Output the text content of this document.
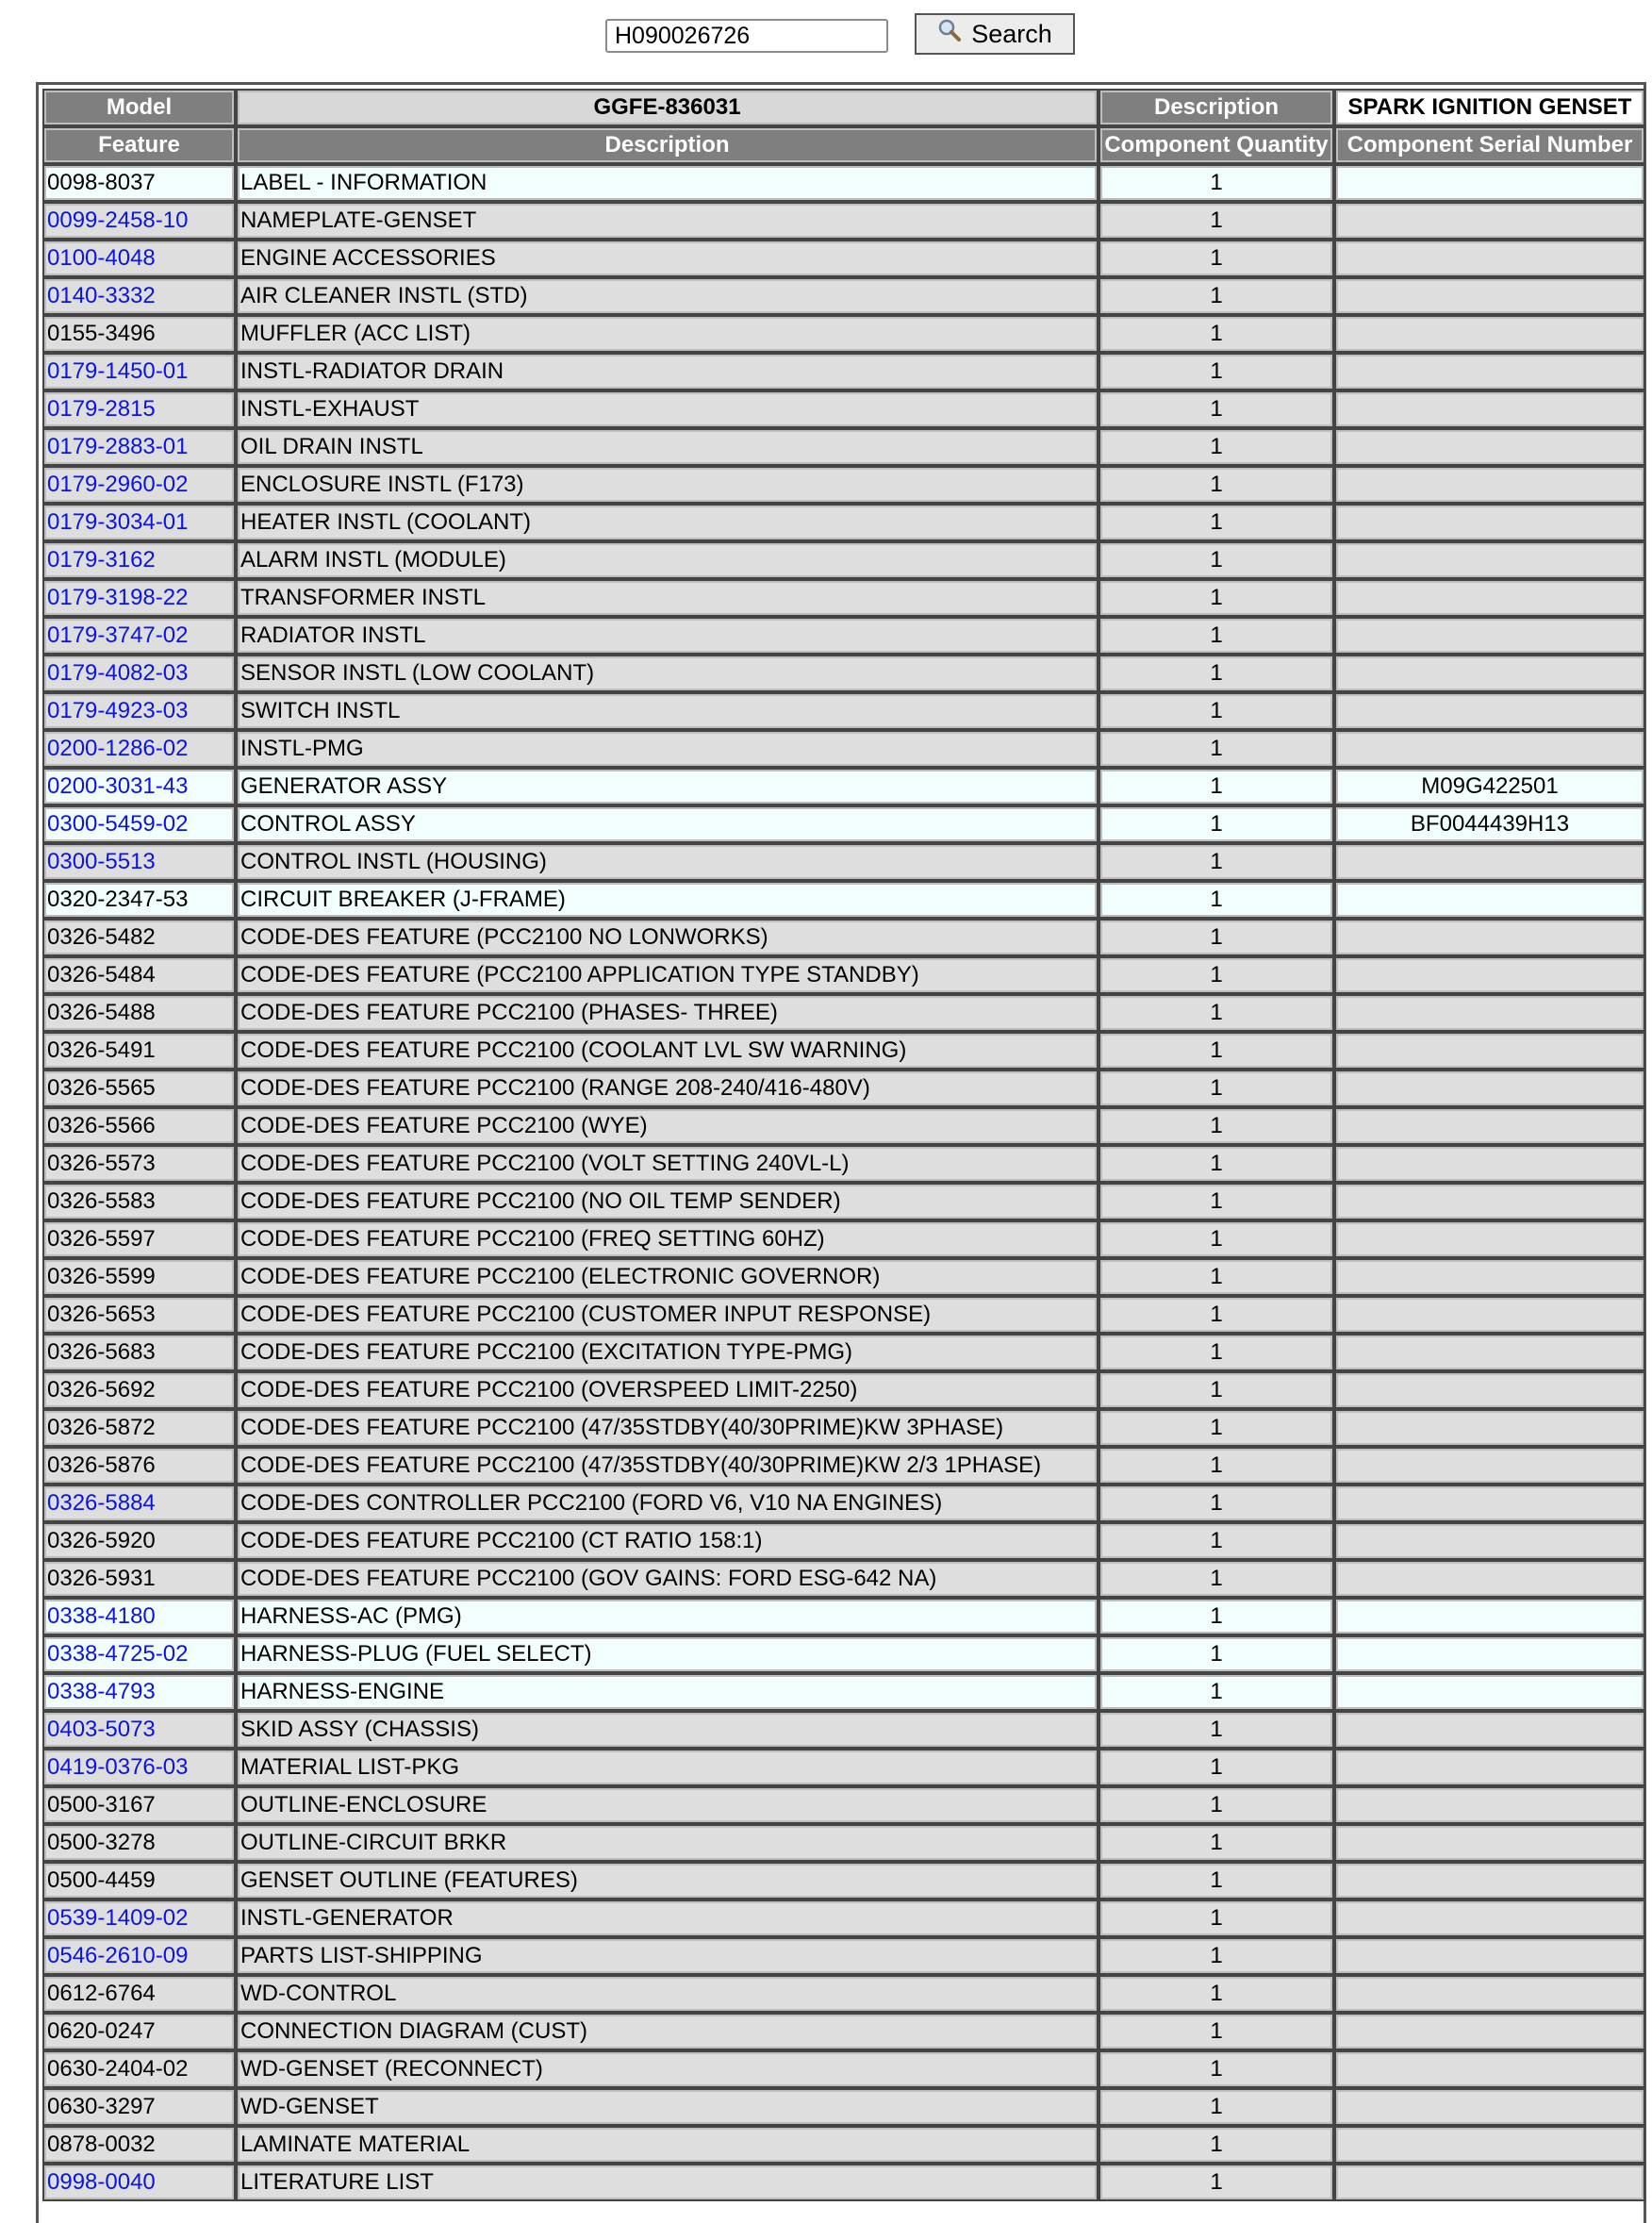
H090026726
Search
Model	GGFE-836031	Description	SPARK IGNITION GENSET
Feature	Description	Component Quantity	Component Serial Number
0098-8037	LABEL - INFORMATION	1	
0099-2458-10	NAMEPLATE-GENSET	1	
0100-4048	ENGINE ACCESSORIES	1	
0140-3332	AIR CLEANER INSTL (STD)	1	
0155-3496	MUFFLER (ACC LIST)	1	
0179-1450-01	INSTL-RADIATOR DRAIN	1	
0179-2815	INSTL-EXHAUST	1	
0179-2883-01	OIL DRAIN INSTL	1	
0179-2960-02	ENCLOSURE INSTL (F173)	1	
0179-3034-01	HEATER INSTL (COOLANT)	1	
0179-3162	ALARM INSTL (MODULE)	1	
0179-3198-22	TRANSFORMER INSTL	1	
0179-3747-02	RADIATOR INSTL	1	
0179-4082-03	SENSOR INSTL (LOW COOLANT)	1	
0179-4923-03	SWITCH INSTL	1	
0200-1286-02	INSTL-PMG	1	
0200-3031-43	GENERATOR ASSY	1	M09G422501
0300-5459-02	CONTROL ASSY	1	BF0044439H13
0300-5513	CONTROL INSTL (HOUSING)	1	
0320-2347-53	CIRCUIT BREAKER (J-FRAME)	1	
0326-5482	CODE-DES FEATURE (PCC2100 NO LONWORKS)	1	
0326-5484	CODE-DES FEATURE (PCC2100 APPLICATION TYPE STANDBY)	1	
0326-5488	CODE-DES FEATURE PCC2100 (PHASES- THREE)	1	
0326-5491	CODE-DES FEATURE PCC2100 (COOLANT LVL SW WARNING)	1	
0326-5565	CODE-DES FEATURE PCC2100 (RANGE 208-240/416-480V)	1	
0326-5566	CODE-DES FEATURE PCC2100 (WYE)	1	
0326-5573	CODE-DES FEATURE PCC2100 (VOLT SETTING 240VL-L)	1	
0326-5583	CODE-DES FEATURE PCC2100 (NO OIL TEMP SENDER)	1	
0326-5597	CODE-DES FEATURE PCC2100 (FREQ SETTING 60HZ)	1	
0326-5599	CODE-DES FEATURE PCC2100 (ELECTRONIC GOVERNOR)	1	
0326-5653	CODE-DES FEATURE PCC2100 (CUSTOMER INPUT RESPONSE)	1	
0326-5683	CODE-DES FEATURE PCC2100 (EXCITATION TYPE-PMG)	1	
0326-5692	CODE-DES FEATURE PCC2100 (OVERSPEED LIMIT-2250)	1	
0326-5872	CODE-DES FEATURE PCC2100 (47/35STDBY(40/30PRIME)KW 3PHASE)	1	
0326-5876	CODE-DES FEATURE PCC2100 (47/35STDBY(40/30PRIME)KW 2/3 1PHASE)	1	
0326-5884	CODE-DES CONTROLLER PCC2100 (FORD V6, V10 NA ENGINES)	1	
0326-5920	CODE-DES FEATURE PCC2100 (CT RATIO 158:1)	1	
0326-5931	CODE-DES FEATURE PCC2100 (GOV GAINS: FORD ESG-642 NA)	1	
0338-4180	HARNESS-AC (PMG)	1	
0338-4725-02	HARNESS-PLUG (FUEL SELECT)	1	
0338-4793	HARNESS-ENGINE	1	
0403-5073	SKID ASSY (CHASSIS)	1	
0419-0376-03	MATERIAL LIST-PKG	1	
0500-3167	OUTLINE-ENCLOSURE	1	
0500-3278	OUTLINE-CIRCUIT BRKR	1	
0500-4459	GENSET OUTLINE (FEATURES)	1	
0539-1409-02	INSTL-GENERATOR	1	
0546-2610-09	PARTS LIST-SHIPPING	1	
0612-6764	WD-CONTROL	1	
0620-0247	CONNECTION DIAGRAM (CUST)	1	
0630-2404-02	WD-GENSET (RECONNECT)	1	
0630-3297	WD-GENSET	1	
0878-0032	LAMINATE MATERIAL	1	
0998-0040	LITERATURE LIST	1	
